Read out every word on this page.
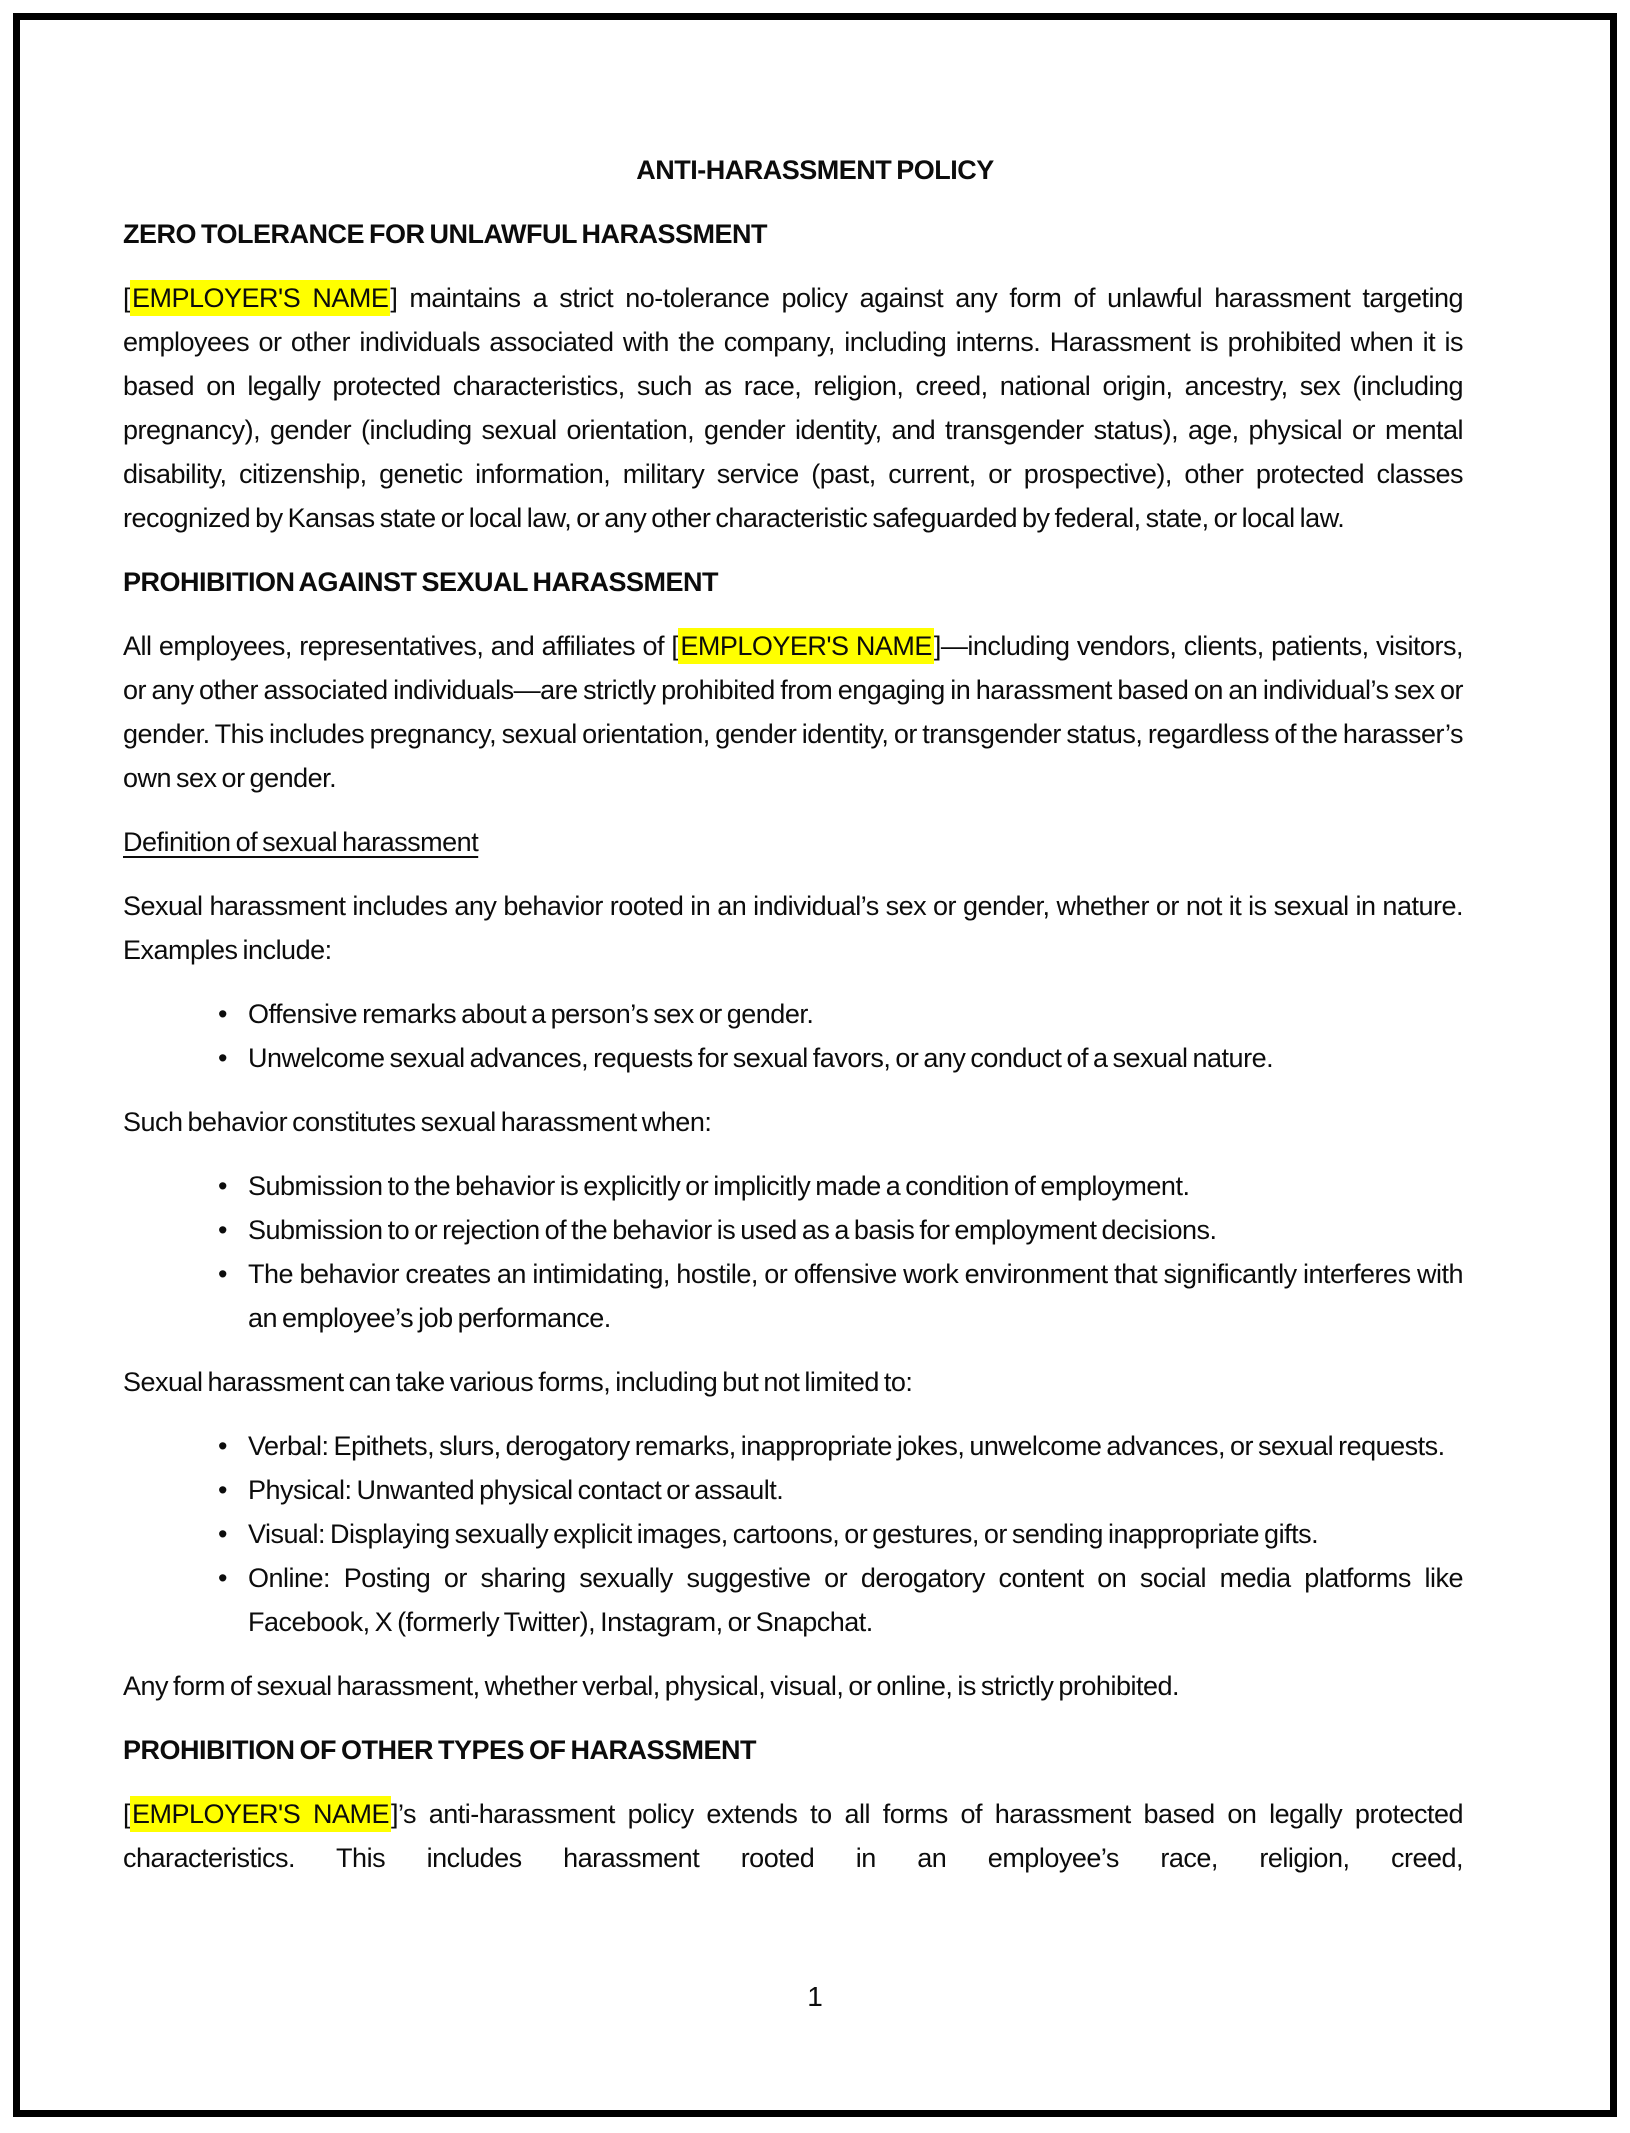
ANTI-HARASSMENT POLICY

ZERO TOLERANCE FOR UNLAWFUL HARASSMENT

[EMPLOYER'S NAME] maintains a strict no-tolerance policy against any form of unlawful harassment targeting employees or other individuals associated with the company, including interns. Harassment is prohibited when it is based on legally protected characteristics, such as race, religion, creed, national origin, ancestry, sex (including pregnancy), gender (including sexual orientation, gender identity, and transgender status), age, physical or mental disability, citizenship, genetic information, military service (past, current, or prospective), other protected classes recognized by Kansas state or local law, or any other characteristic safeguarded by federal, state, or local law.

PROHIBITION AGAINST SEXUAL HARASSMENT

All employees, representatives, and affiliates of [EMPLOYER'S NAME]—including vendors, clients, patients, visitors, or any other associated individuals—are strictly prohibited from engaging in harassment based on an individual’s sex or gender. This includes pregnancy, sexual orientation, gender identity, or transgender status, regardless of the harasser’s own sex or gender.

Definition of sexual harassment

Sexual harassment includes any behavior rooted in an individual’s sex or gender, whether or not it is sexual in nature. Examples include:

• Offensive remarks about a person’s sex or gender.
• Unwelcome sexual advances, requests for sexual favors, or any conduct of a sexual nature.

Such behavior constitutes sexual harassment when:

• Submission to the behavior is explicitly or implicitly made a condition of employment.
• Submission to or rejection of the behavior is used as a basis for employment decisions.
• The behavior creates an intimidating, hostile, or offensive work environment that significantly interferes with an employee’s job performance.

Sexual harassment can take various forms, including but not limited to:

• Verbal: Epithets, slurs, derogatory remarks, inappropriate jokes, unwelcome advances, or sexual requests.
• Physical: Unwanted physical contact or assault.
• Visual: Displaying sexually explicit images, cartoons, or gestures, or sending inappropriate gifts.
• Online: Posting or sharing sexually suggestive or derogatory content on social media platforms like Facebook, X (formerly Twitter), Instagram, or Snapchat.

Any form of sexual harassment, whether verbal, physical, visual, or online, is strictly prohibited.

PROHIBITION OF OTHER TYPES OF HARASSMENT

[EMPLOYER'S NAME]’s anti-harassment policy extends to all forms of harassment based on legally protected characteristics. This includes harassment rooted in an employee’s race, religion, creed,

1
